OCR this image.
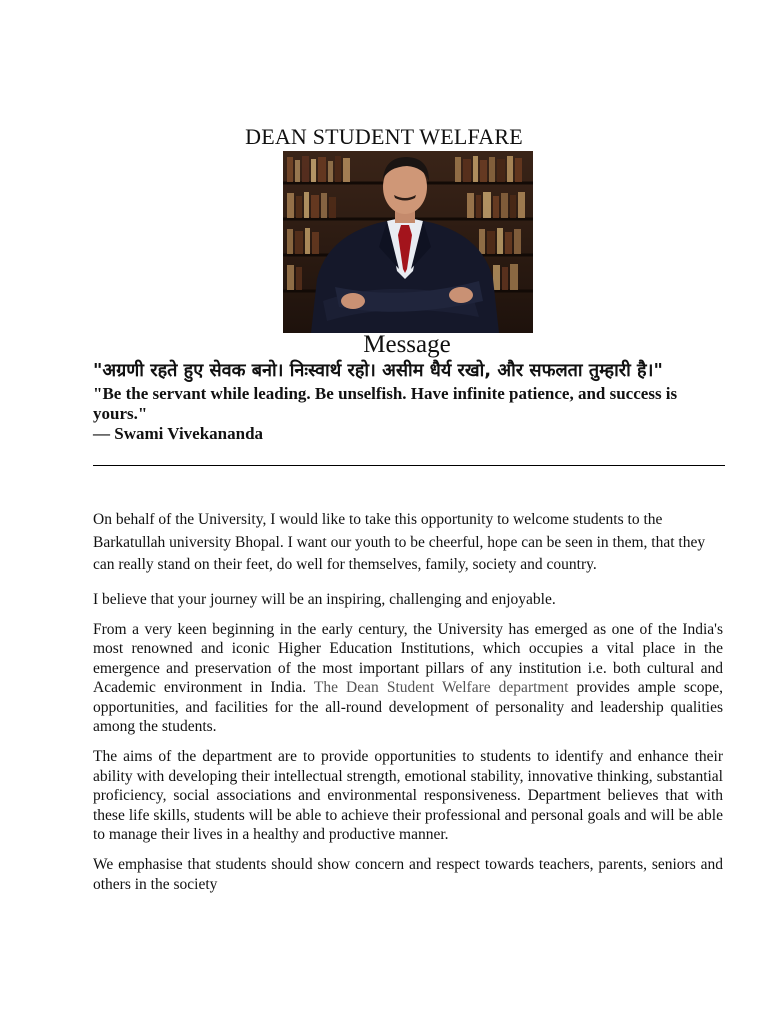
DEAN STUDENT WELFARE
Message
"अग्रणी रहते हुए सेवक बनो। निःस्वार्थ रहो। असीम धैर्य रखो, और सफलता तुम्हारी है।"
"Be the servant while leading. Be unselfish. Have infinite patience, and success is yours."
— Swami Vivekananda

On behalf of the University, I would like to take this opportunity to welcome students to the Barkatullah university Bhopal. I want our youth to be cheerful, hope can be seen in them, that they can really stand on their feet, do well for themselves, family, society and country.

I believe that your journey will be an inspiring, challenging and enjoyable.

From a very keen beginning in the early century, the University has emerged as one of the India's most renowned and iconic Higher Education Institutions, which occupies a vital place in the emergence and preservation of the most important pillars of any institution i.e. both cultural and Academic environment in India. The Dean Student Welfare department provides ample scope, opportunities, and facilities for the all-round development of personality and leadership qualities among the students.

The aims of the department are to provide opportunities to students to identify and enhance their ability with developing their intellectual strength, emotional stability, innovative thinking, substantial proficiency, social associations and environmental responsiveness. Department believes that with these life skills, students will be able to achieve their professional and personal goals and will be able to manage their lives in a healthy and productive manner.

We emphasise that students should show concern and respect towards teachers, parents, seniors and others in the society
